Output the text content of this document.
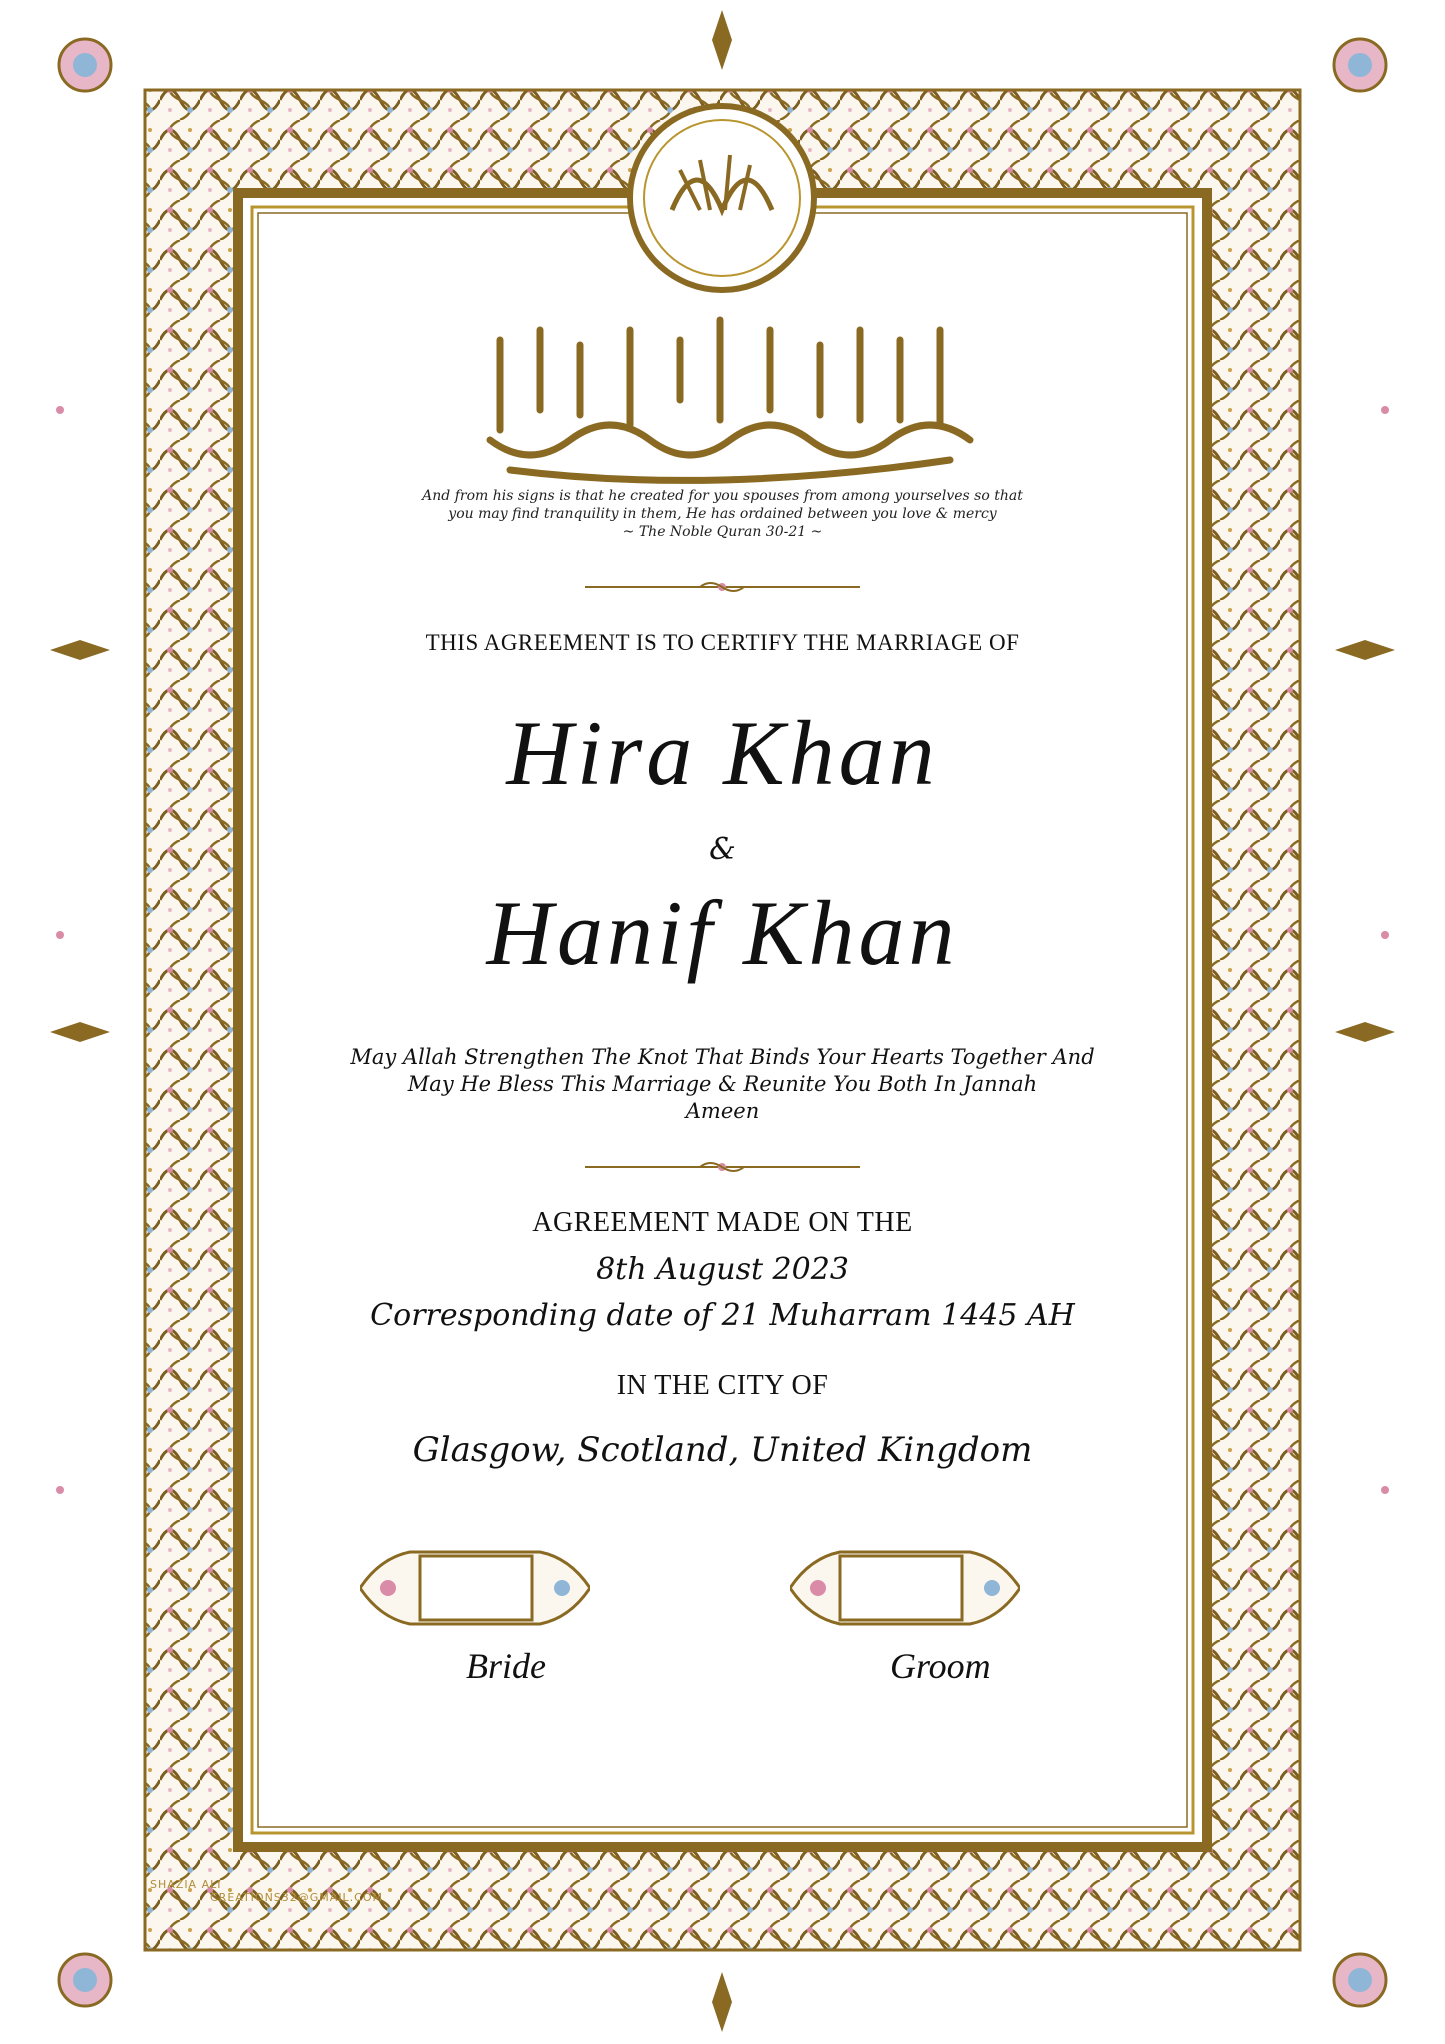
And from his signs is that he created for you spouses from among yourselves so that
you may find tranquility in them, He has ordained between you love & mercy
~ The Noble Quran 30-21 ~
THIS AGREEMENT IS TO CERTIFY THE MARRIAGE OF
Hira Khan
&
Hanif Khan
May Allah Strengthen The Knot That Binds Your Hearts Together And
May He Bless This Marriage & Reunite You Both In Jannah
Ameen
AGREEMENT MADE ON THE
8th August 2023
Corresponding date of 21 Muharram 1445 AH
IN THE CITY OF
Glasgow, Scotland, United Kingdom
Bride	Groom
SHAZIA ALI
CREATIONS32@GMAIL.COM
